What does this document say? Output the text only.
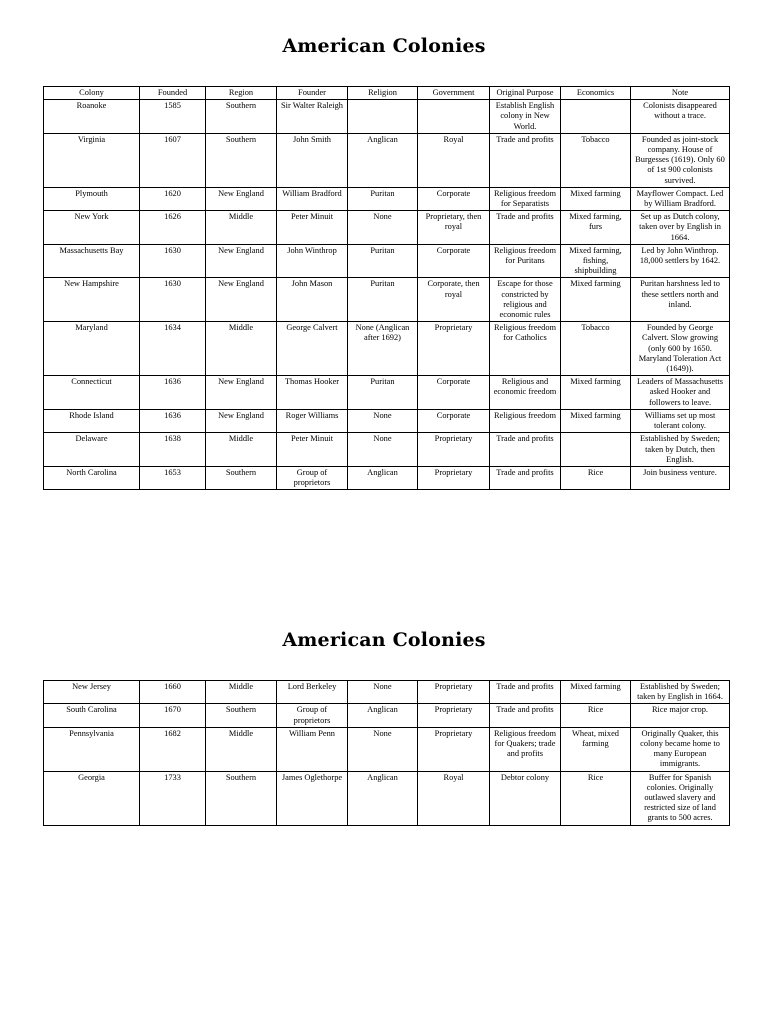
American Colonies
Colony	Founded	Region	Founder	Religion	Government	Original Purpose	Economics	Note
Roanoke	1585	Southern	Sir Walter Raleigh			Establish English colony in New World.		Colonists disappeared without a trace.
Virginia	1607	Southern	John Smith	Anglican	Royal	Trade and profits	Tobacco	Founded as joint-stock company. House of Burgesses (1619). Only 60 of 1st 900 colonists survived.
Plymouth	1620	New England	William Bradford	Puritan	Corporate	Religious freedom for Separatists	Mixed farming	Mayflower Compact. Led by William Bradford.
New York	1626	Middle	Peter Minuit	None	Proprietary, then royal	Trade and profits	Mixed farming, furs	Set up as Dutch colony, taken over by English in 1664.
Massachusetts Bay	1630	New England	John Winthrop	Puritan	Corporate	Religious freedom for Puritans	Mixed farming, fishing, shipbuilding	Led by John Winthrop. 18,000 settlers by 1642.
New Hampshire	1630	New England	John Mason	Puritan	Corporate, then royal	Escape for those constricted by religious and economic rules	Mixed farming	Puritan harshness led to these settlers north and inland.
Maryland	1634	Middle	George Calvert	None (Anglican after 1692)	Proprietary	Religious freedom for Catholics	Tobacco	Founded by George Calvert. Slow growing (only 600 by 1650. Maryland Toleration Act (1649)).
Connecticut	1636	New England	Thomas Hooker	Puritan	Corporate	Religious and economic freedom	Mixed farming	Leaders of Massachusetts asked Hooker and followers to leave.
Rhode Island	1636	New England	Roger Williams	None	Corporate	Religious freedom	Mixed farming	Williams set up most tolerant colony.
Delaware	1638	Middle	Peter Minuit	None	Proprietary	Trade and profits		Established by Sweden; taken by Dutch, then English.
North Carolina	1653	Southern	Group of proprietors	Anglican	Proprietary	Trade and profits	Rice	Join business venture.
American Colonies
New Jersey	1660	Middle	Lord Berkeley	None	Proprietary	Trade and profits	Mixed farming	Established by Sweden; taken by English in 1664.
South Carolina	1670	Southern	Group of proprietors	Anglican	Proprietary	Trade and profits	Rice	Rice major crop.
Pennsylvania	1682	Middle	William Penn	None	Proprietary	Religious freedom for Quakers; trade and profits	Wheat, mixed farming	Originally Quaker, this colony became home to many European immigrants.
Georgia	1733	Southern	James Oglethorpe	Anglican	Royal	Debtor colony	Rice	Buffer for Spanish colonies. Originally outlawed slavery and restricted size of land grants to 500 acres.
